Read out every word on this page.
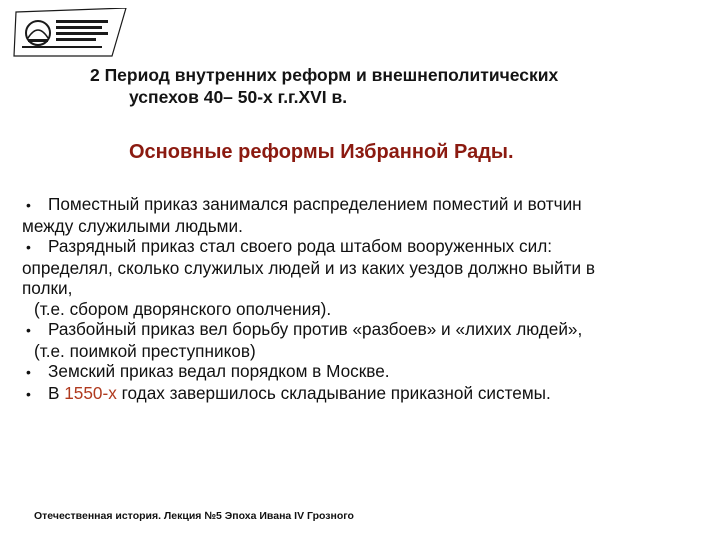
2 Период внутренних реформ и внешнеполитических
успехов 40– 50-х г.г.XVI в.
Основные реформы Избранной Рады.

• Поместный приказ занимался распределением поместий и вотчин

между служилыми людьми.

• Разрядный приказ стал своего рода штабом вооруженных сил:

определял, сколько служилых людей и из каких уездов должно выйти в

полки,

(т.е. сбором дворянского ополчения).

• Разбойный приказ вел борьбу против «разбоев» и «лихих людей»,

(т.е. поимкой преступников)

• Земский приказ ведал порядком в Москве.

• В 1550-х годах завершилось складывание приказной системы.

Отечественная история. Лекция №5 Эпоха Ивана IV Грозного
